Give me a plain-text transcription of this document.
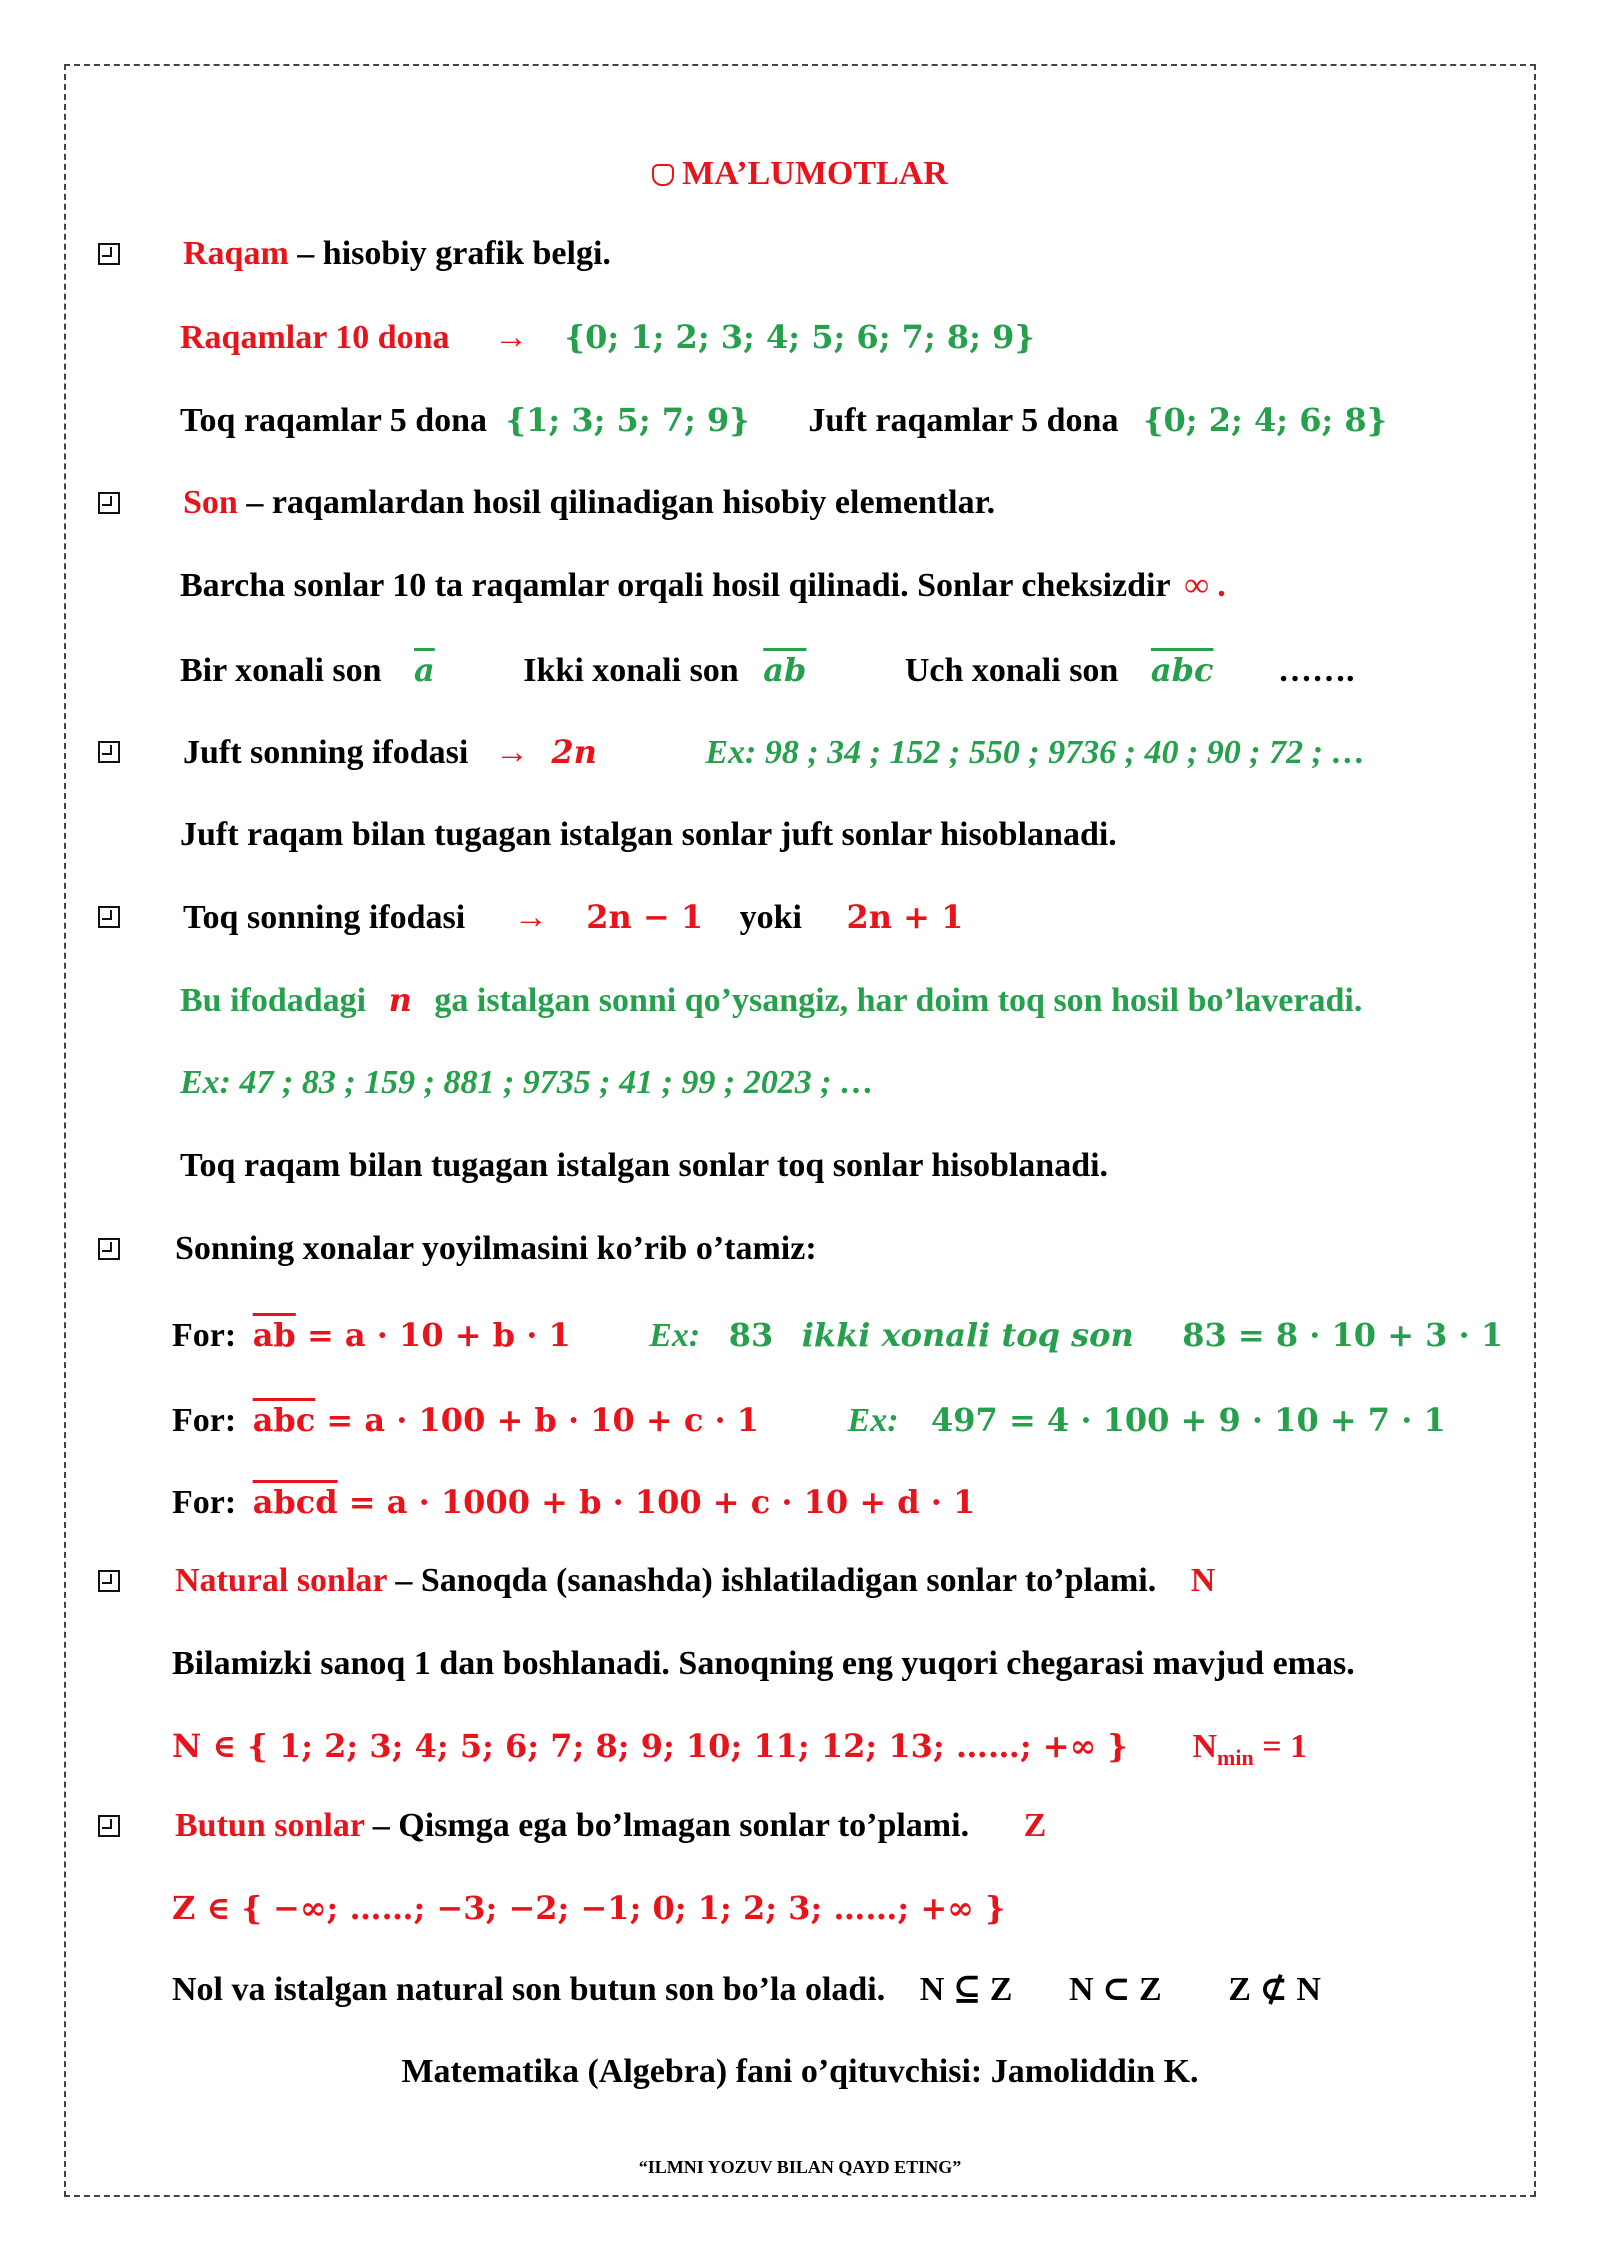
MA’LUMOTLAR
Raqam – hisobiy grafik belgi.
Raqamlar 10 dona → {0; 1; 2; 3; 4; 5; 6; 7; 8; 9}
Toq raqamlar 5 dona {1; 3; 5; 7; 9} Juft raqamlar 5 dona {0; 2; 4; 6; 8}
Son – raqamlardan hosil qilinadigan hisobiy elementlar.
Barcha sonlar 10 ta raqamlar orqali hosil qilinadi. Sonlar cheksizdir ∞ .
Bir xonali son $\overline{a}$	Ikki xonali son $\overline{ab}$	Uch xonali son $\overline{abc}$ …….
Juft sonning ifodasi → 2n	Ex: 98 ; 34 ; 152 ; 550 ; 9736 ; 40 ; 90 ; 72 ; …
Juft raqam bilan tugagan istalgan sonlar juft sonlar hisoblanadi.
Toq sonning ifodasi → 2n − 1 yoki 2n + 1
Bu ifodadagi n ga istalgan sonni qo’ysangiz, har doim toq son hosil bo’laveradi.
Ex: 47 ; 83 ; 159 ; 881 ; 9735 ; 41 ; 99 ; 2023 ; …
Toq raqam bilan tugagan istalgan sonlar toq sonlar hisoblanadi.
Sonning xonalar yoyilmasini ko’rib o’tamiz:
For: $\overline{ab} = a \cdot 10 + b \cdot 1$ Ex: 83 ikki xonali toq son 83 = 8 · 10 + 3 · 1
For: $\overline{abc} = a \cdot 100 + b \cdot 10 + c \cdot 1$	Ex: 497 = 4 · 100 + 9 · 10 + 7 · 1
For: abcd = a · 1000 + b · 100 + c · 10 + d · 1
Natural sonlar – Sanoqda (sanashda) ishlatiladigan sonlar to’plami. N
Bilamizki sanoq 1 dan boshlanadi. Sanoqning eng yuqori chegarasi mavjud emas.
N ∈ { 1; 2; 3; 4; 5; 6; 7; 8; 9; 10; 11; 12; 13; ……; +∞ } $N_{min} = 1$
Butun sonlar – Qismga ega bo’lmagan sonlar to’plami. Z
Z ∈ { −∞; ……; −3; −2; −1; 0; 1; 2; 3; ……; +∞ }
Nol va istalgan natural son butun son bo’la oladi. N ⊆ Z N ⊂ Z Z ⊄ N
Matematika (Algebra) fani o’qituvchisi: Jamoliddin K.
“ILMNI YOZUV BILAN QAYD ETING”
